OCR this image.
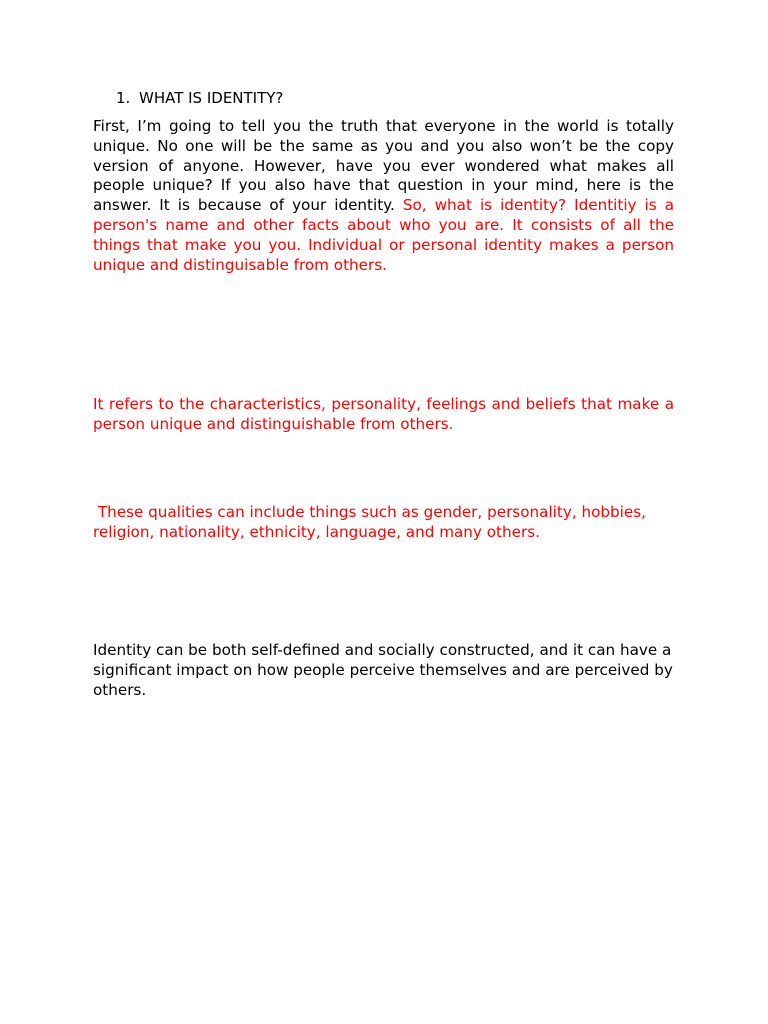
1. WHAT IS IDENTITY?

First, I’m going to tell you the truth that everyone in the world is totally unique. No one will be the same as you and you also won’t be the copy version of anyone. However, have you ever wondered what makes all people unique? If you also have that question in your mind, here is the answer. It is because of your identity. So, what is identity? Identitiy is a person's name and other facts about who you are. It consists of all the things that make you you. Individual or personal identity makes a person unique and distinguisable from others.

It refers to the characteristics, personality, feelings and beliefs that make a person unique and distinguishable from others.

These qualities can include things such as gender, personality, hobbies, religion, nationality, ethnicity, language, and many others.

Identity can be both self-defined and socially constructed, and it can have a significant impact on how people perceive themselves and are perceived by others.
